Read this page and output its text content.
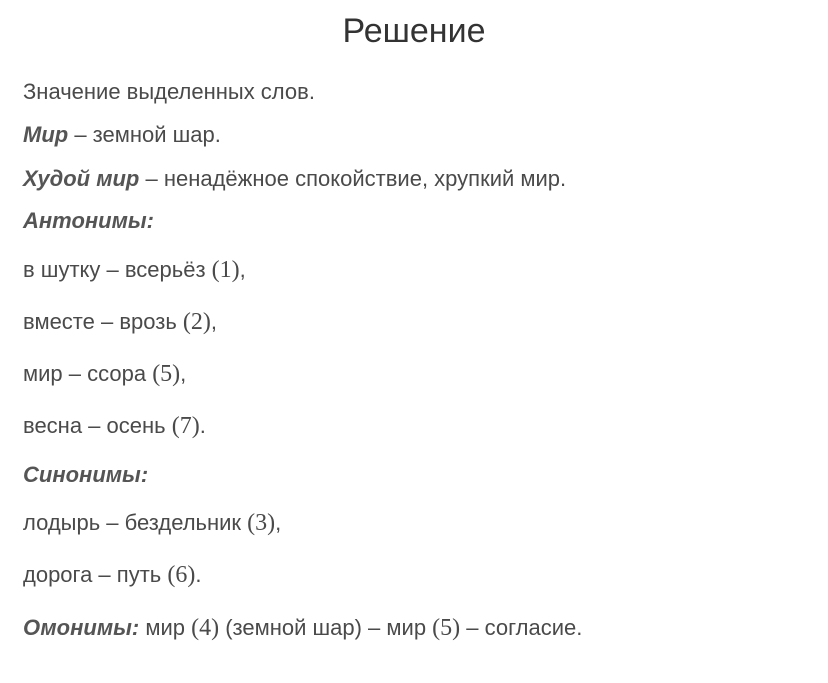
Решение
Значение выделенных слов.
Мир – земной шар.
Худой мир – ненадёжное спокойствие, хрупкий мир.
Антонимы:
в шутку – всерьёз (1),
вместе – врозь (2),
мир – ссора (5),
весна – осень (7).
Синонимы:
лодырь – бездельник (3),
дорога – путь (6).
Омонимы: мир (4) (земной шар) – мир (5) – согласие.
